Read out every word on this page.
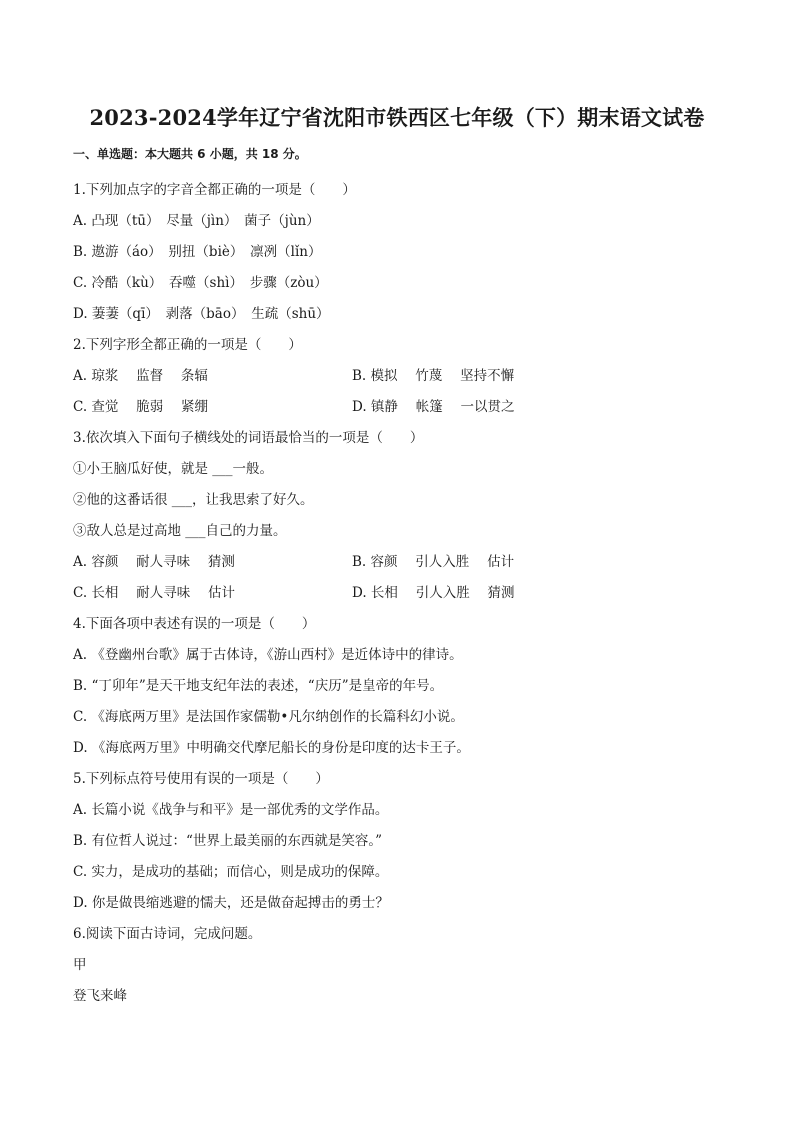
2023-2024学年辽宁省沈阳市铁西区七年级（下）期末语文试卷
一、单选题：本大题共 6 小题，共 18 分。
1.下列加点字的字音全都正确的一项是（　　）
A. 凸现（tū）　尽量（jìn）　菌子（jùn）
B. 遨游（áo）　别扭（biè）　凛冽（lǐn）
C. 冷酷（kù）　吞噬（shì）　步骤（zòu）
D. 萋萋（qī）　剥落（bāo）　生疏（shū）
2.下列字形全都正确的一项是（　　）
A. 琼浆　 监督　 条辐	B. 模拟　 竹蔑　 坚持不懈
C. 查觉　 脆弱　 紧绷	D. 镇静　 帐篷　 一以贯之
3.依次填入下面句子横线处的词语最恰当的一项是（　　）
①小王脑瓜好使，就是 ___一般。
②他的这番话很 ___，让我思索了好久。
③敌人总是过高地 ___自己的力量。
A. 容颜　 耐人寻味　 猜测	B. 容颜　 引人入胜　 估计
C. 长相　 耐人寻味　 估计	D. 长相　 引人入胜　 猜测
4.下面各项中表述有误的一项是（　　）
A. 《登幽州台歌》属于古体诗，《游山西村》是近体诗中的律诗。
B. “丁卯年”是天干地支纪年法的表述，“庆历”是皇帝的年号。
C. 《海底两万里》是法国作家儒勒•凡尔纳创作的长篇科幻小说。
D. 《海底两万里》中明确交代摩尼船长的身份是印度的达卡王子。
5.下列标点符号使用有误的一项是（　　）
A. 长篇小说《战争与和平》是一部优秀的文学作品。
B. 有位哲人说过：“世界上最美丽的东西就是笑容。”
C. 实力，是成功的基础；而信心，则是成功的保障。
D. 你是做畏缩逃避的懦夫，还是做奋起搏击的勇士？
6.阅读下面古诗词，完成问题。
甲
登飞来峰
